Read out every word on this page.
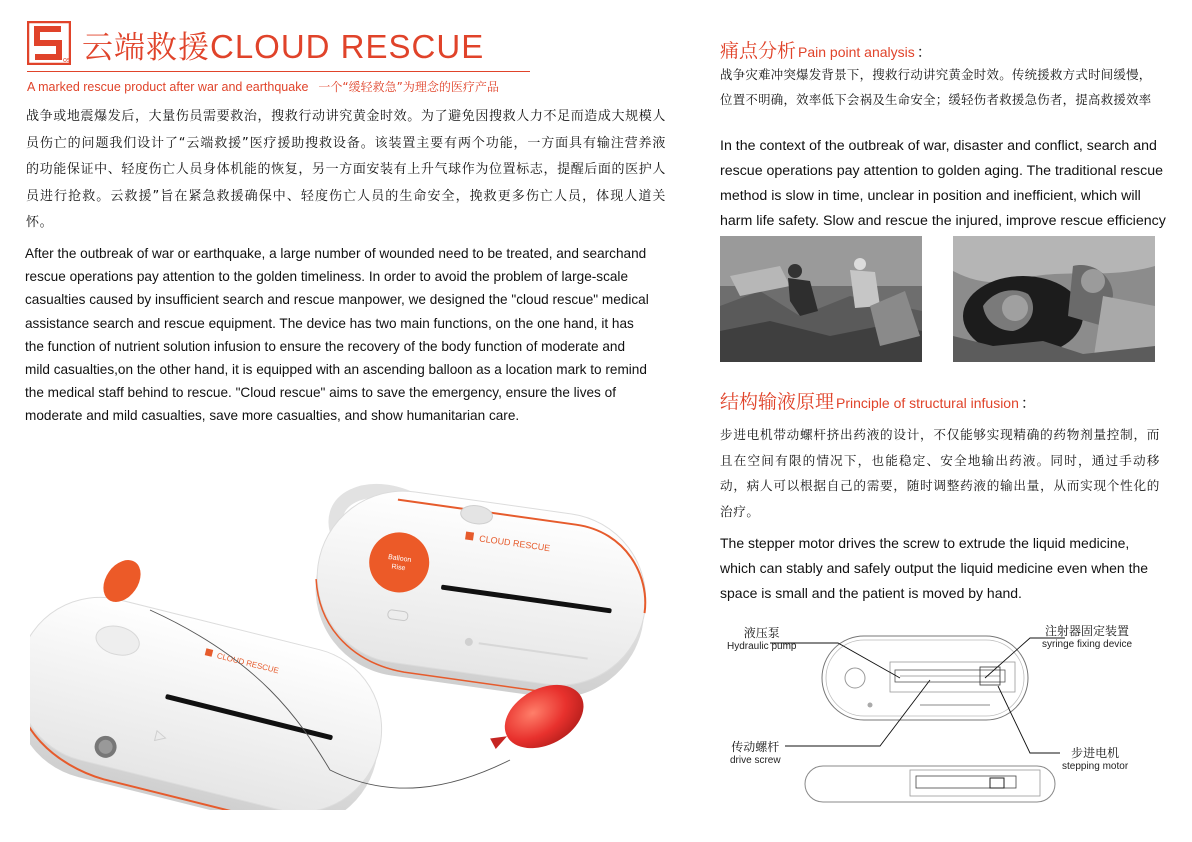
os 云端救援 CLOUD RESCUE
A marked rescue product after war and earthquake 一个“缓轻救急”为理念的医疗产品
战争或地震爆发后，大量伤员需要救治，搜救行动讲究黄金时效。为了避免因搜救人力不足而造成大规模人员伤亡的问题我们设计了“云端救援”医疗援助搜救设备。该装置主要有两个功能，一方面具有输注营养液的功能保证中、轻度伤亡人员身体机能的恢复，另一方面安装有上升气球作为位置标志，提醒后面的医护人员进行抢救。云救援”旨在紧急救援确保中、轻度伤亡人员的生命安全，挽救更多伤亡人员，体现人道关怀。
After the outbreak of war or earthquake, a large number of wounded need to be treated, and searchand rescue operations pay attention to the golden timeliness. In order to avoid the problem of large-scale casualties caused by insufficient search and rescue manpower, we designed the "cloud rescue" medical assistance search and rescue equipment. The device has two main functions, on the one hand, it has the function of nutrient solution infusion to ensure the recovery of the body function of moderate and mild casualties,on the other hand, it is equipped with an ascending balloon as a location mark to remind the medical staff behind to rescue. "Cloud rescue" aims to save the emergency, ensure the lives of moderate and mild casualties, save more casualties, and show humanitarian care.
Balloon
Rise
CLOUD RESCUE
CLOUD RESCUE
痛点分析 Pain point analysis ：
战争灾难冲突爆发背景下，搜救行动讲究黄金时效。传统援救方式时间缓慢，位置不明确，效率低下会祸及生命安全；缓轻伤者救援急伤者，提高救援效率
In the context of the outbreak of war, disaster and conflict, search and rescue operations pay attention to golden aging. The traditional rescue method is slow in time, unclear in position and inefficient, which will harm life safety. Slow and rescue the injured, improve rescue efficiency
结构输液原理 Principle of structural infusion ：
步进电机带动螺杆挤出药液的设计，不仅能够实现精确的药物剂量控制，而且在空间有限的情况下，也能稳定、安全地输出药液。同时，通过手动移动，病人可以根据自己的需要，随时调整药液的输出量，从而实现个性化的治疗。
The stepper motor drives the screw to extrude the liquid medicine, which can stably and safely output the liquid medicine even when the space is small and the patient is moved by hand.
液压泵
Hydraulic pump
注射器固定装置
syringe fixing device
传动螺杆
drive screw
步进电机
stepping motor
